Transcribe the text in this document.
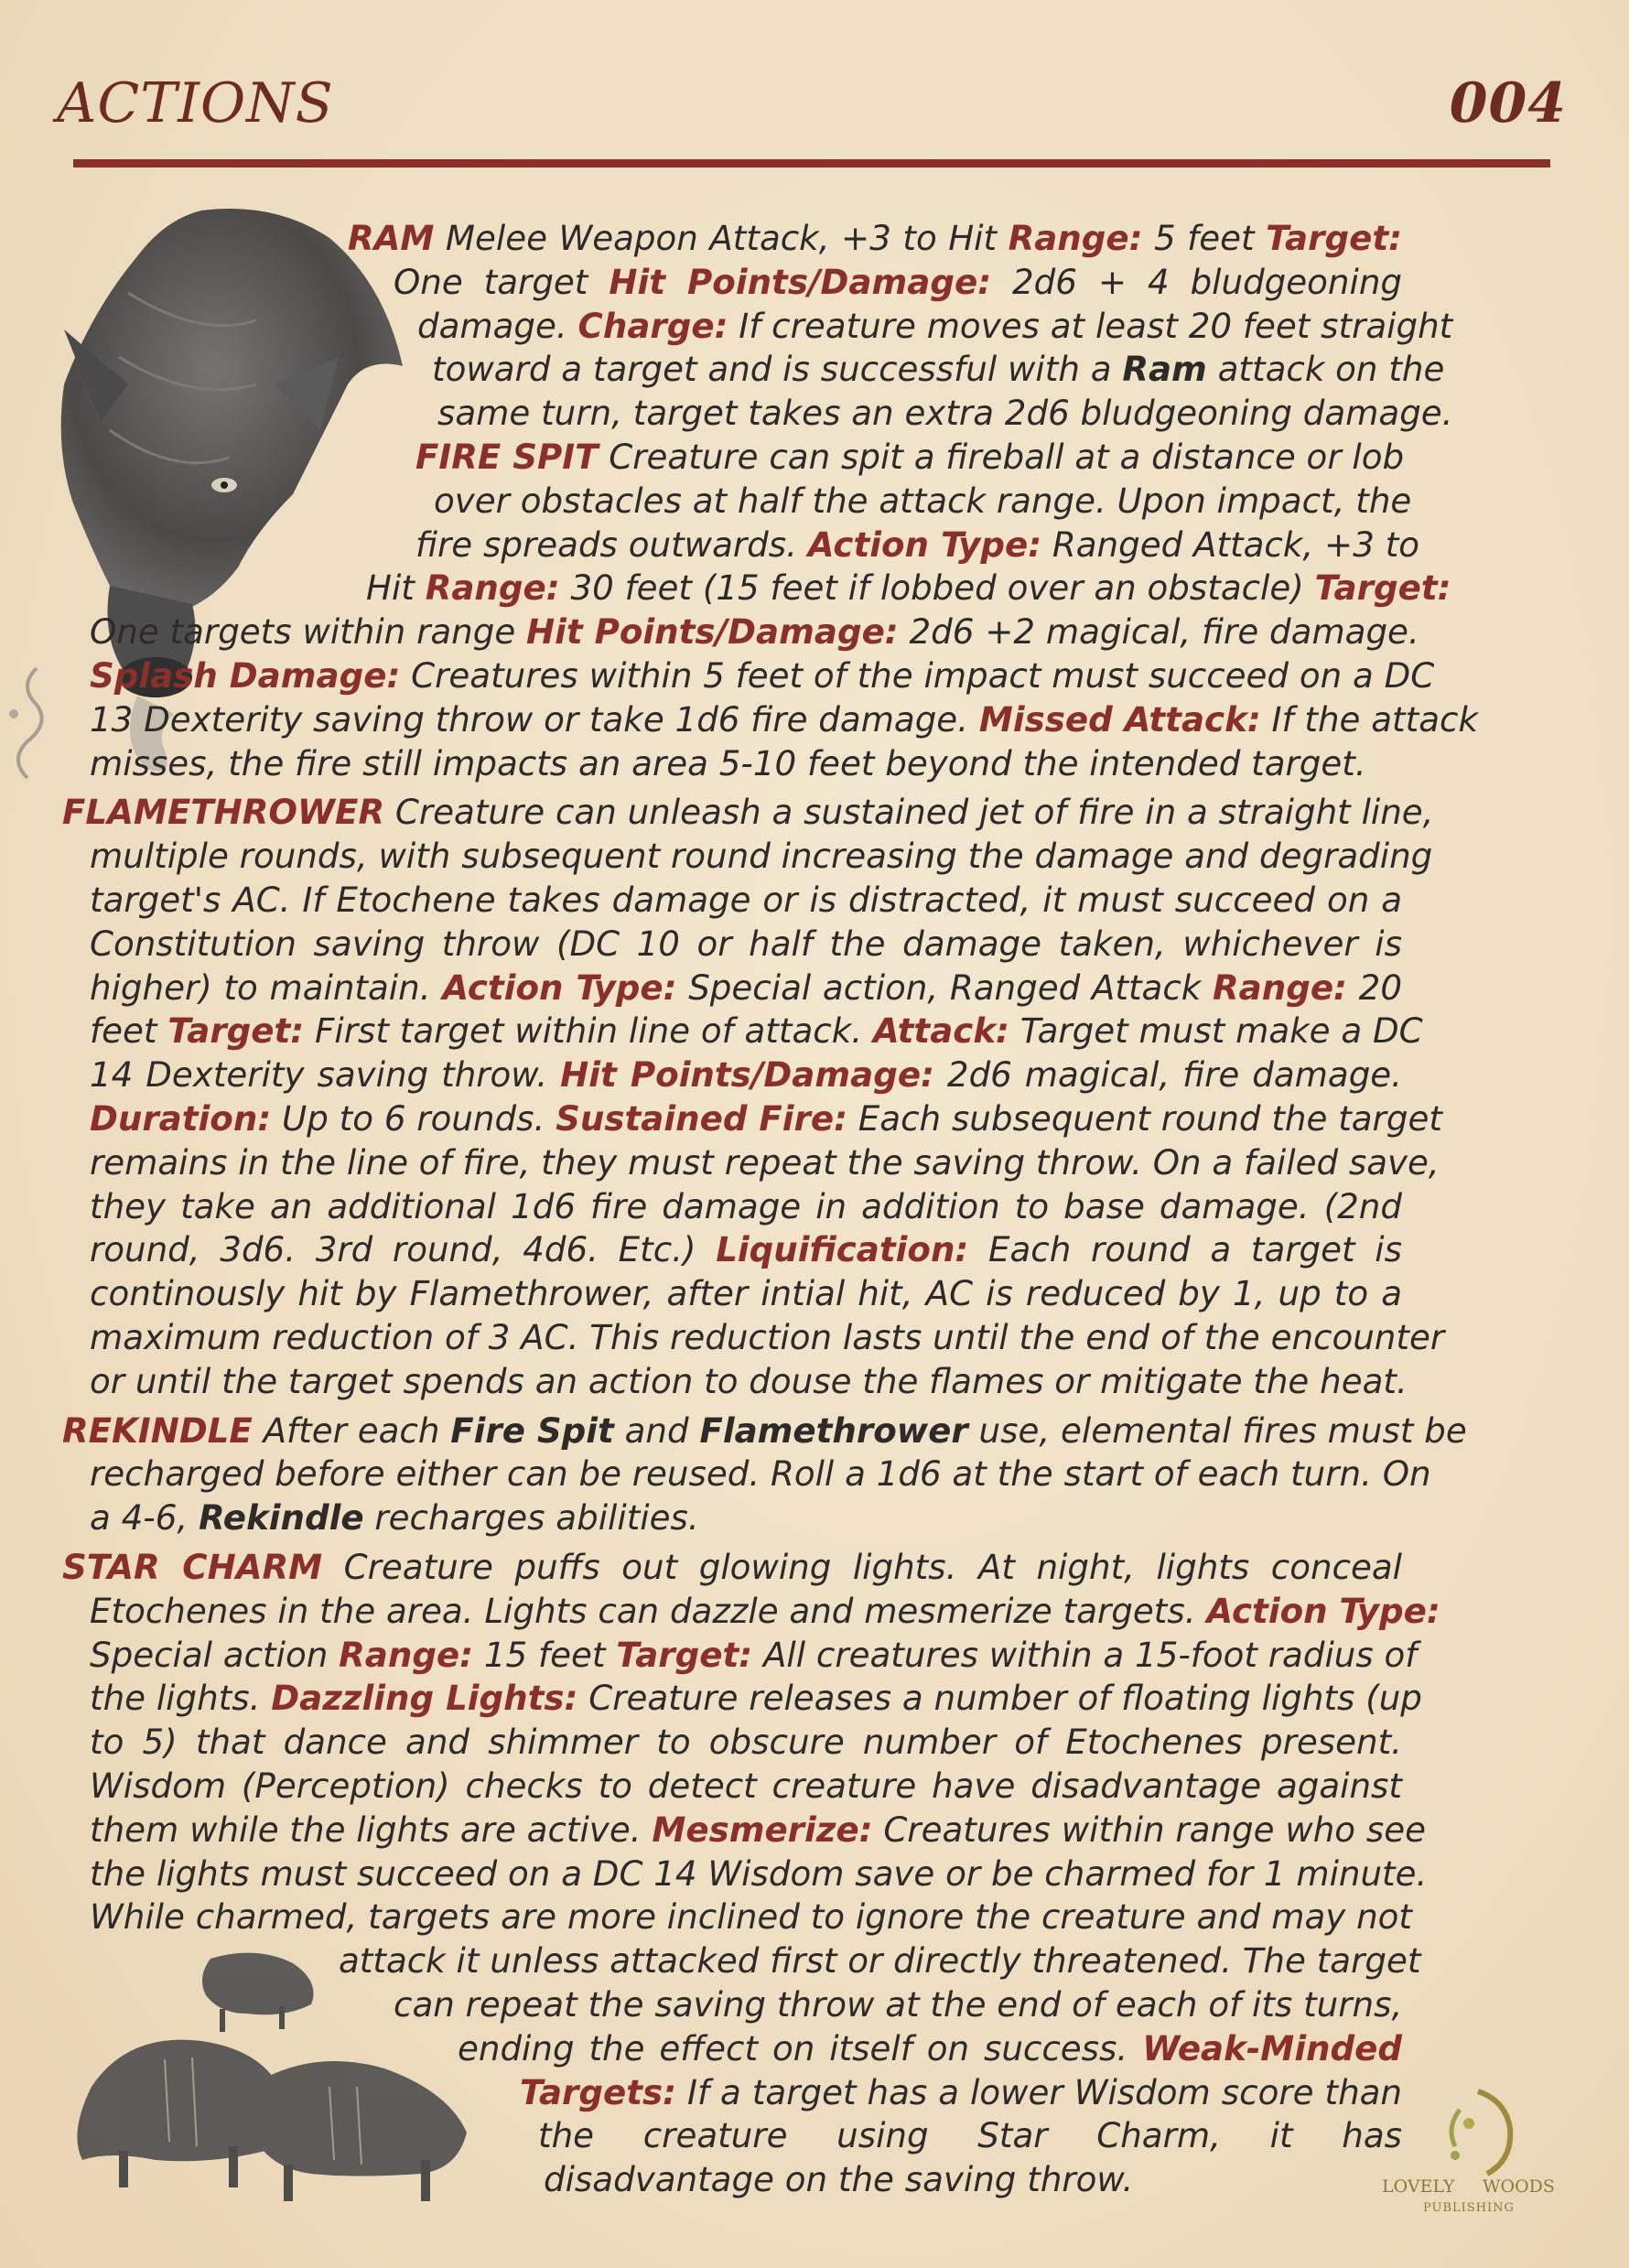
ACTIONS	004
LOVELY WOODS
PUBLISHING
RAM Melee Weapon Attack, +3 to Hit Range: 5 feet Target:
One target Hit Points/Damage: 2d6 + 4 bludgeoning
damage. Charge: If creature moves at least 20 feet straight
toward a target and is successful with a Ram attack on the
same turn, target takes an extra 2d6 bludgeoning damage.
FIRE SPIT Creature can spit a fireball at a distance or lob
over obstacles at half the attack range. Upon impact, the
fire spreads outwards. Action Type: Ranged Attack, +3 to
Hit Range: 30 feet (15 feet if lobbed over an obstacle) Target:
One targets within range Hit Points/Damage: 2d6 +2 magical, fire damage.
Splash Damage: Creatures within 5 feet of the impact must succeed on a DC
13 Dexterity saving throw or take 1d6 fire damage. Missed Attack: If the attack
misses, the fire still impacts an area 5-10 feet beyond the intended target.
FLAMETHROWER Creature can unleash a sustained jet of fire in a straight line,
multiple rounds, with subsequent round increasing the damage and degrading
target's AC. If Etochene takes damage or is distracted, it must succeed on a
Constitution saving throw (DC 10 or half the damage taken, whichever is
higher) to maintain. Action Type: Special action, Ranged Attack Range: 20
feet Target: First target within line of attack. Attack: Target must make a DC
14 Dexterity saving throw. Hit Points/Damage: 2d6 magical, fire damage.
Duration: Up to 6 rounds. Sustained Fire: Each subsequent round the target
remains in the line of fire, they must repeat the saving throw. On a failed save,
they take an additional 1d6 fire damage in addition to base damage. (2nd
round, 3d6. 3rd round, 4d6. Etc.) Liquification: Each round a target is
continously hit by Flamethrower, after intial hit, AC is reduced by 1, up to a
maximum reduction of 3 AC. This reduction lasts until the end of the encounter
or until the target spends an action to douse the flames or mitigate the heat.
REKINDLE After each Fire Spit and Flamethrower use, elemental fires must be
recharged before either can be reused. Roll a 1d6 at the start of each turn. On
a 4-6, Rekindle recharges abilities.
STAR CHARM Creature puffs out glowing lights. At night, lights conceal
Etochenes in the area. Lights can dazzle and mesmerize targets. Action Type:
Special action Range: 15 feet Target: All creatures within a 15-foot radius of
the lights. Dazzling Lights: Creature releases a number of floating lights (up
to 5) that dance and shimmer to obscure number of Etochenes present.
Wisdom (Perception) checks to detect creature have disadvantage against
them while the lights are active. Mesmerize: Creatures within range who see
the lights must succeed on a DC 14 Wisdom save or be charmed for 1 minute.
While charmed, targets are more inclined to ignore the creature and may not
attack it unless attacked first or directly threatened. The target
can repeat the saving throw at the end of each of its turns,
ending the effect on itself on success. Weak-Minded
Targets: If a target has a lower Wisdom score than
the creature using Star Charm, it has
disadvantage on the saving throw.
